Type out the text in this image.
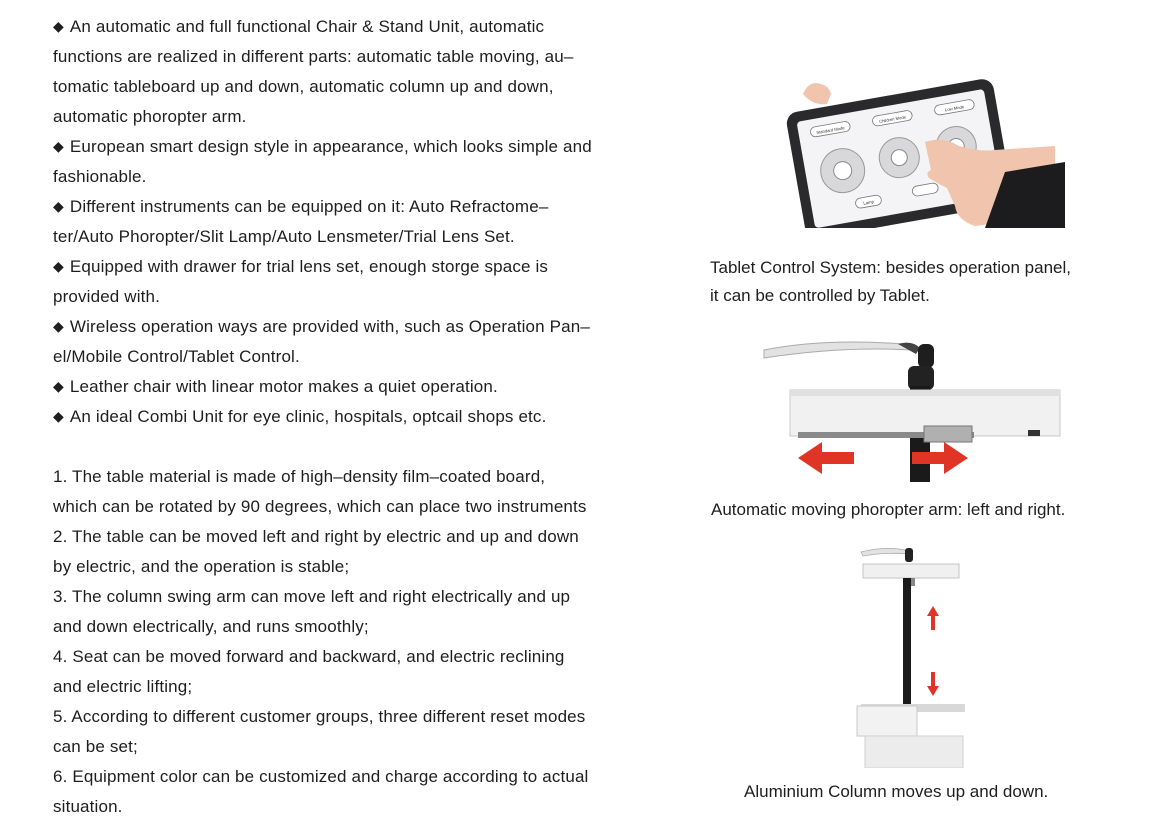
◆ An automatic and full functional Chair & Stand Unit, automatic
functions are realized in different parts: automatic table moving, au–
tomatic tableboard up and down, automatic column up and down,
automatic phoropter arm.
◆ European smart design style in appearance, which looks simple and
fashionable.
◆ Different instruments can be equipped on it: Auto Refractome–
ter/Auto Phoropter/Slit Lamp/Auto Lensmeter/Trial Lens Set.
◆ Equipped with drawer for trial lens set, enough storge space is
provided with.
◆ Wireless operation ways are provided with, such as Operation Pan–
el/Mobile Control/Tablet Control.
◆ Leather chair with linear motor makes a quiet operation.
◆ An ideal Combi Unit for eye clinic, hospitals, optcail shops etc.
1. The table material is made of high–density film–coated board,
which can be rotated by 90 degrees, which can place two instruments
2. The table can be moved left and right by electric and up and down
by electric, and the operation is stable;
3. The column swing arm can move left and right electrically and up
and down electrically, and runs smoothly;
4. Seat can be moved forward and backward, and electric reclining
and electric lifting;
5. According to different customer groups, three different reset modes
can be set;
6. Equipment color can be customized and charge according to actual
situation.
Standard Mode
Children Mode
Low Mode
Lamp
Tablet Control System: besides operation panel,
it can be controlled by Tablet.
Automatic moving phoropter arm: left and right.
Aluminium Column moves up and down.
